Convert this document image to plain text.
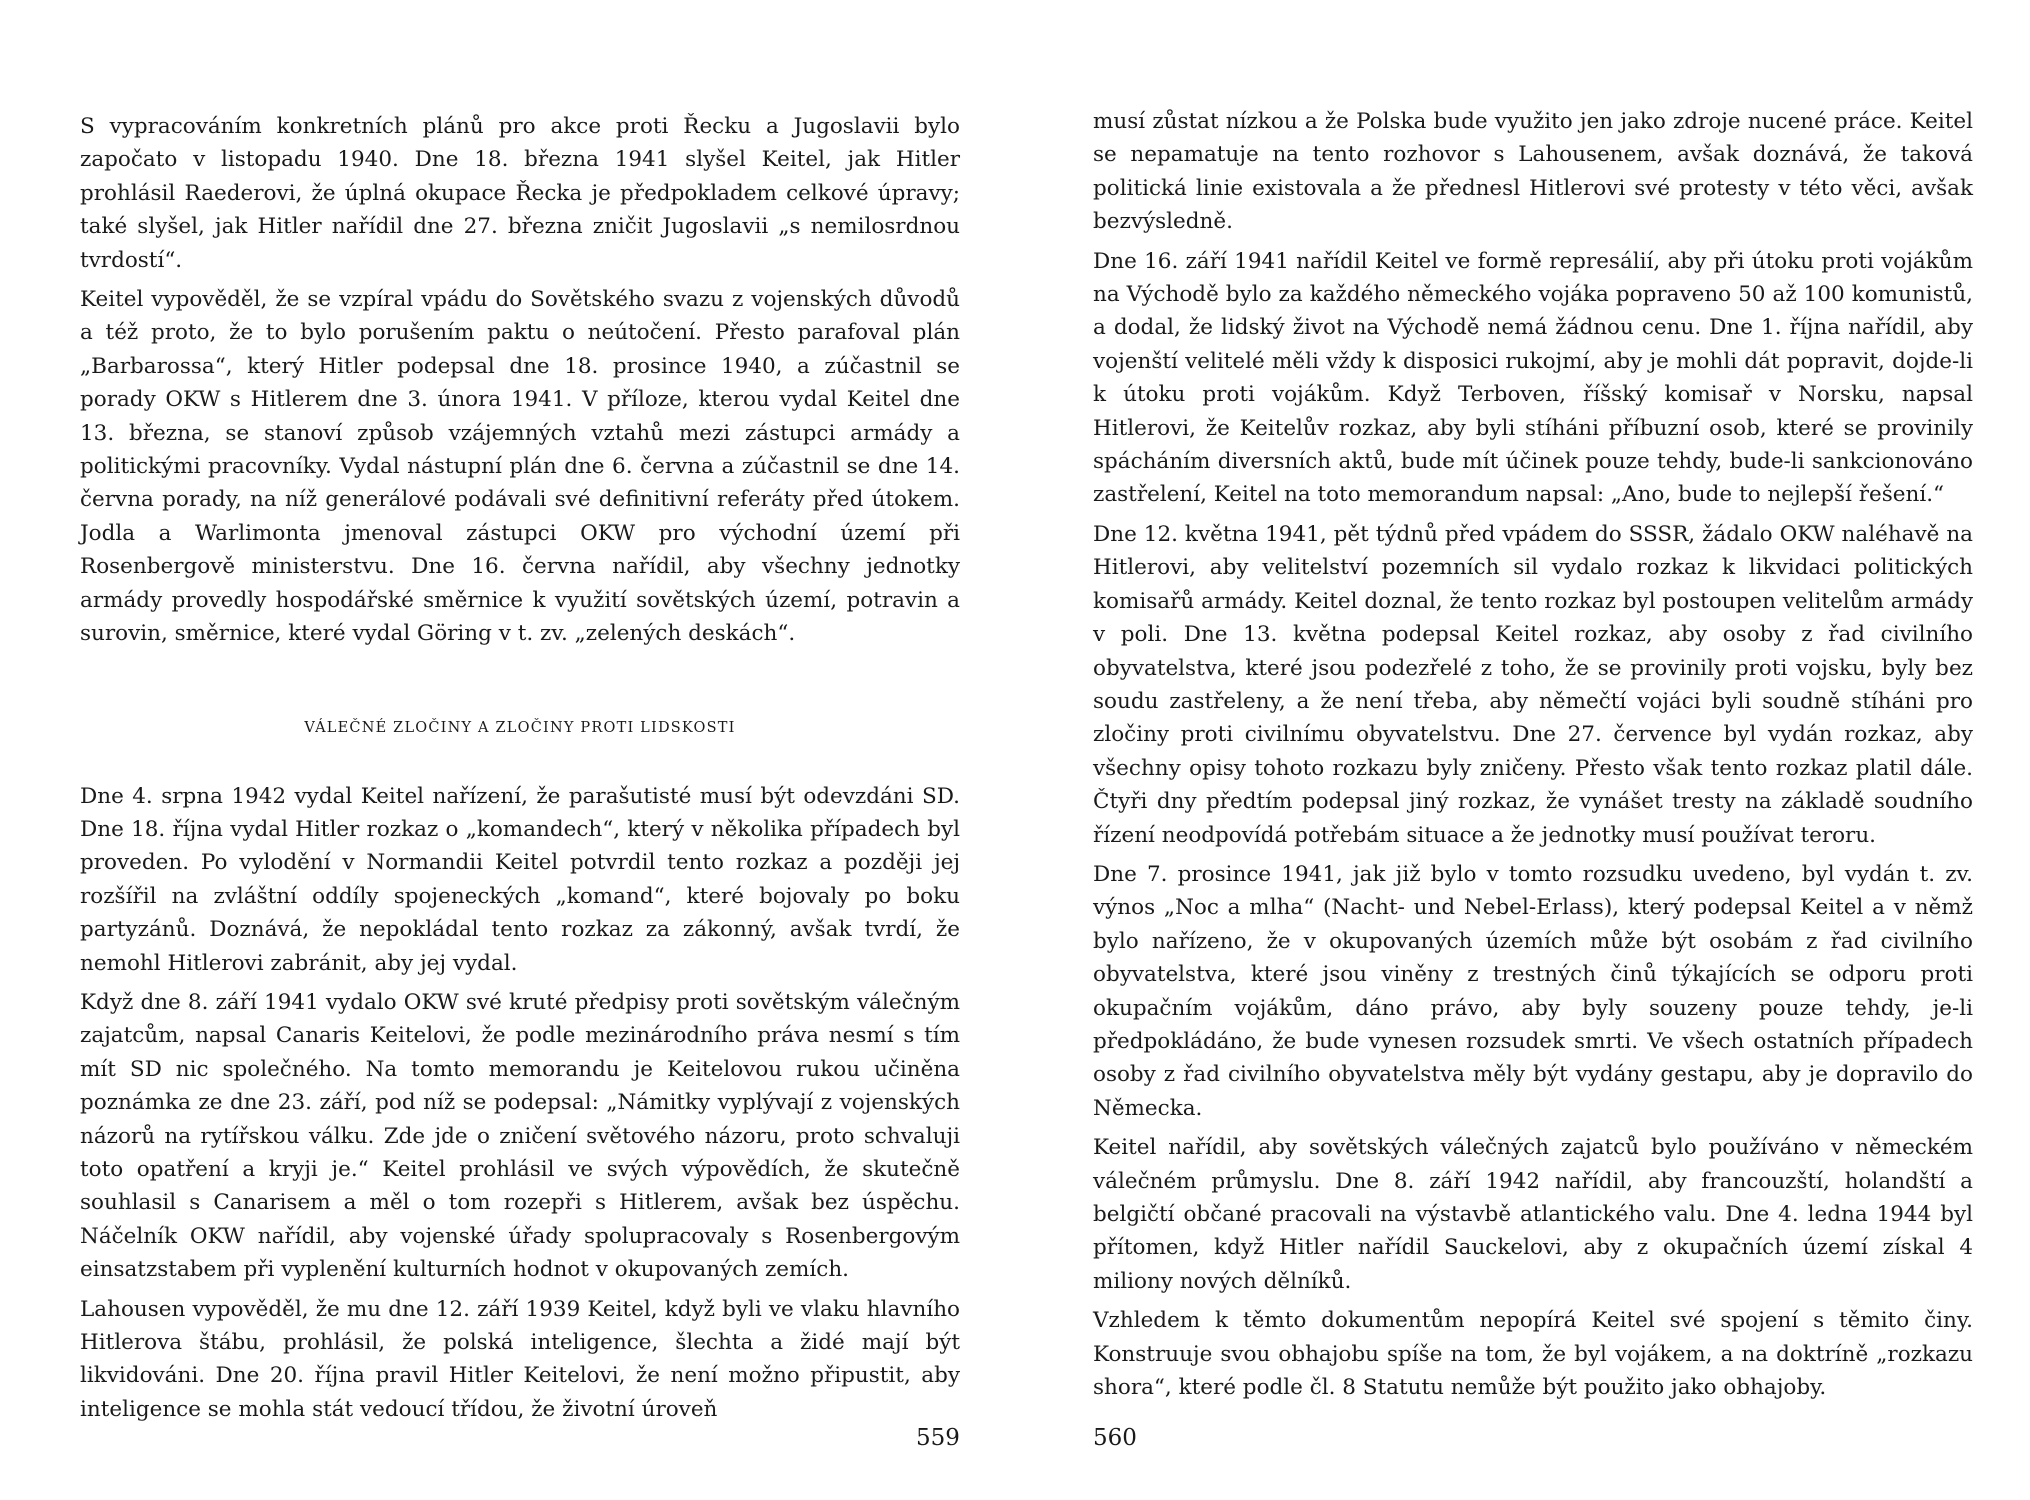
S vypracováním konkretních plánů pro akce proti Řecku a Jugoslavii bylo započato v listopadu 1940. Dne 18. března 1941 slyšel Keitel, jak Hitler prohlásil Raederovi, že úplná okupace Řecka je předpokladem celkové úpravy; také slyšel, jak Hitler nařídil dne 27. března zničit Jugoslavii „s nemilosrdnou tvrdostí“.

Keitel vypověděl, že se vzpíral vpádu do Sovětského svazu z vojenských důvodů a též proto, že to bylo porušením paktu o neútočení. Přesto parafoval plán „Barbarossa“, který Hitler podepsal dne 18. prosince 1940, a zúčastnil se porady OKW s Hitlerem dne 3. února 1941. V příloze, kterou vydal Keitel dne 13. března, se stanoví způsob vzájemných vztahů mezi zástupci armády a politickými pracovníky. Vydal nástupní plán dne 6. června a zúčastnil se dne 14. června porady, na níž generálové podávali své definitivní referáty před útokem. Jodla a Warlimonta jmenoval zástupci OKW pro východní území při Rosenbergově ministerstvu. Dne 16. června nařídil, aby všechny jednotky armády provedly hospodářské směrnice k využití sovětských území, potravin a surovin, směrnice, které vydal Göring v t. zv. „zelených deskách“.

VÁLEČNÉ ZLOČINY A ZLOČINY PROTI LIDSKOSTI

Dne 4. srpna 1942 vydal Keitel nařízení, že parašutisté musí být odevzdáni SD. Dne 18. října vydal Hitler rozkaz o „komandech“, který v několika případech byl proveden. Po vylodění v Normandii Keitel potvrdil tento rozkaz a později jej rozšířil na zvláštní oddíly spojeneckých „komand“, které bojovaly po boku partyzánů. Doznává, že nepokládal tento rozkaz za zákonný, avšak tvrdí, že nemohl Hitlerovi zabránit, aby jej vydal.

Když dne 8. září 1941 vydalo OKW své kruté předpisy proti sovětským válečným zajatcům, napsal Canaris Keitelovi, že podle mezinárodního práva nesmí s tím mít SD nic společného. Na tomto memorandu je Keitelovou rukou učiněna poznámka ze dne 23. září, pod níž se podepsal: „Námitky vyplývají z vojenských názorů na rytířskou válku. Zde jde o zničení světového názoru, proto schvaluji toto opatření a kryji je.“ Keitel prohlásil ve svých výpovědích, že skutečně souhlasil s Canarisem a měl o tom rozepři s Hitlerem, avšak bez úspěchu. Náčelník OKW nařídil, aby vojenské úřady spolupracovaly s Rosenbergovým einsatzstabem při vyplenění kulturních hodnot v okupovaných zemích.

Lahousen vypověděl, že mu dne 12. září 1939 Keitel, když byli ve vlaku hlavního Hitlerova štábu, prohlásil, že polská inteligence, šlechta a židé mají být likvidováni. Dne 20. října pravil Hitler Keitelovi, že není možno připustit, aby inteligence se mohla stát vedoucí třídou, že životní úroveň

559

musí zůstat nízkou a že Polska bude využito jen jako zdroje nucené práce. Keitel se nepamatuje na tento rozhovor s Lahousenem, avšak doznává, že taková politická linie existovala a že přednesl Hitlerovi své protesty v této věci, avšak bezvýsledně.

Dne 16. září 1941 nařídil Keitel ve formě represálií, aby při útoku proti vojákům na Východě bylo za každého německého vojáka popraveno 50 až 100 komunistů, a dodal, že lidský život na Východě nemá žádnou cenu. Dne 1. října nařídil, aby vojenští velitelé měli vždy k disposici rukojmí, aby je mohli dát popravit, dojde-li k útoku proti vojákům. Když Terboven, říšský komisař v Norsku, napsal Hitlerovi, že Keitelův rozkaz, aby byli stíháni příbuzní osob, které se provinily spácháním diversních aktů, bude mít účinek pouze tehdy, bude-li sankcionováno zastřelení, Keitel na toto memorandum napsal: „Ano, bude to nejlepší řešení.“

Dne 12. května 1941, pět týdnů před vpádem do SSSR, žádalo OKW naléhavě na Hitlerovi, aby velitelství pozemních sil vydalo rozkaz k likvidaci politických komisařů armády. Keitel doznal, že tento rozkaz byl postoupen velitelům armády v poli. Dne 13. května podepsal Keitel rozkaz, aby osoby z řad civilního obyvatelstva, které jsou podezřelé z toho, že se provinily proti vojsku, byly bez soudu zastřeleny, a že není třeba, aby němečtí vojáci byli soudně stíháni pro zločiny proti civilnímu obyvatelstvu. Dne 27. července byl vydán rozkaz, aby všechny opisy tohoto rozkazu byly zničeny. Přesto však tento rozkaz platil dále. Čtyři dny předtím podepsal jiný rozkaz, že vynášet tresty na základě soudního řízení neodpovídá potřebám situace a že jednotky musí používat teroru.

Dne 7. prosince 1941, jak již bylo v tomto rozsudku uvedeno, byl vydán t. zv. výnos „Noc a mlha“ (Nacht- und Nebel-Erlass), který podepsal Keitel a v němž bylo nařízeno, že v okupovaných územích může být osobám z řad civilního obyvatelstva, které jsou viněny z trestných činů týkajících se odporu proti okupačním vojákům, dáno právo, aby byly souzeny pouze tehdy, je-li předpokládáno, že bude vynesen rozsudek smrti. Ve všech ostatních případech osoby z řad civilního obyvatelstva měly být vydány gestapu, aby je dopravilo do Německa.

Keitel nařídil, aby sovětských válečných zajatců bylo používáno v německém válečném průmyslu. Dne 8. září 1942 nařídil, aby francouzští, holandští a belgičtí občané pracovali na výstavbě atlantického valu. Dne 4. ledna 1944 byl přítomen, když Hitler nařídil Sauckelovi, aby z okupačních území získal 4 miliony nových dělníků.

Vzhledem k těmto dokumentům nepopírá Keitel své spojení s těmito činy. Konstruuje svou obhajobu spíše na tom, že byl vojákem, a na doktríně „rozkazu shora“, které podle čl. 8 Statutu nemůže být použito jako obhajoby.

560
